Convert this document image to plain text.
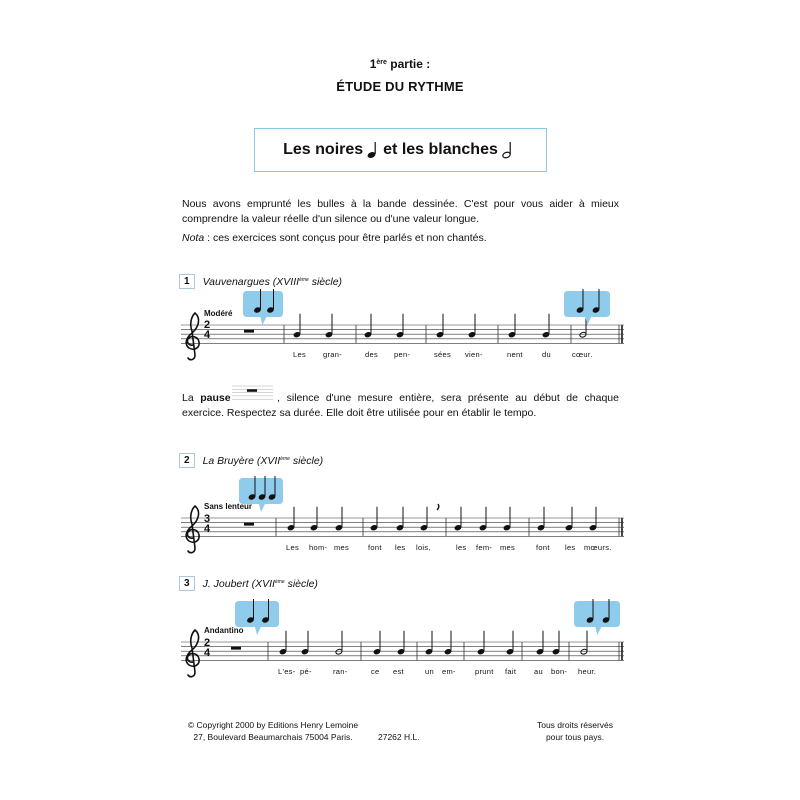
1ère partie :
ÉTUDE DU RYTHME
Les noires et les blanches
Nous avons emprunté les bulles à la bande dessinée. C'est pour vous aider à mieux comprendre la valeur réelle d'un silence ou d'une valeur longue.
Nota : ces exercices sont conçus pour être parlés et non chantés.
1	Vauvenargues (XVIIIème siècle)
La pause	, silence d'une mesure entière, sera présente au début de chaque exercice. Respectez sa durée. Elle doit être utilisée pour en établir le tempo.
2	La Bruyère (XVIIème siècle)
3	J. Joubert (XVIIème siècle)
Modéré
Sans lenteur
Andantino
2
4
3
4
2
4
Les gran-	des pen-	sées vien-	nent	du	cœur.
Les hom- mes	font les lois,	les fem- mes	font les mœurs.
L'es- pé-	ran-	ce est	un em-	prunt fait au bon- heur.
© Copyright 2000 by Editions Henry Lemoine
27, Boulevard Beaumarchais 75004 Paris.	27262 H.L.
Tous droits réservés
pour tous pays.
